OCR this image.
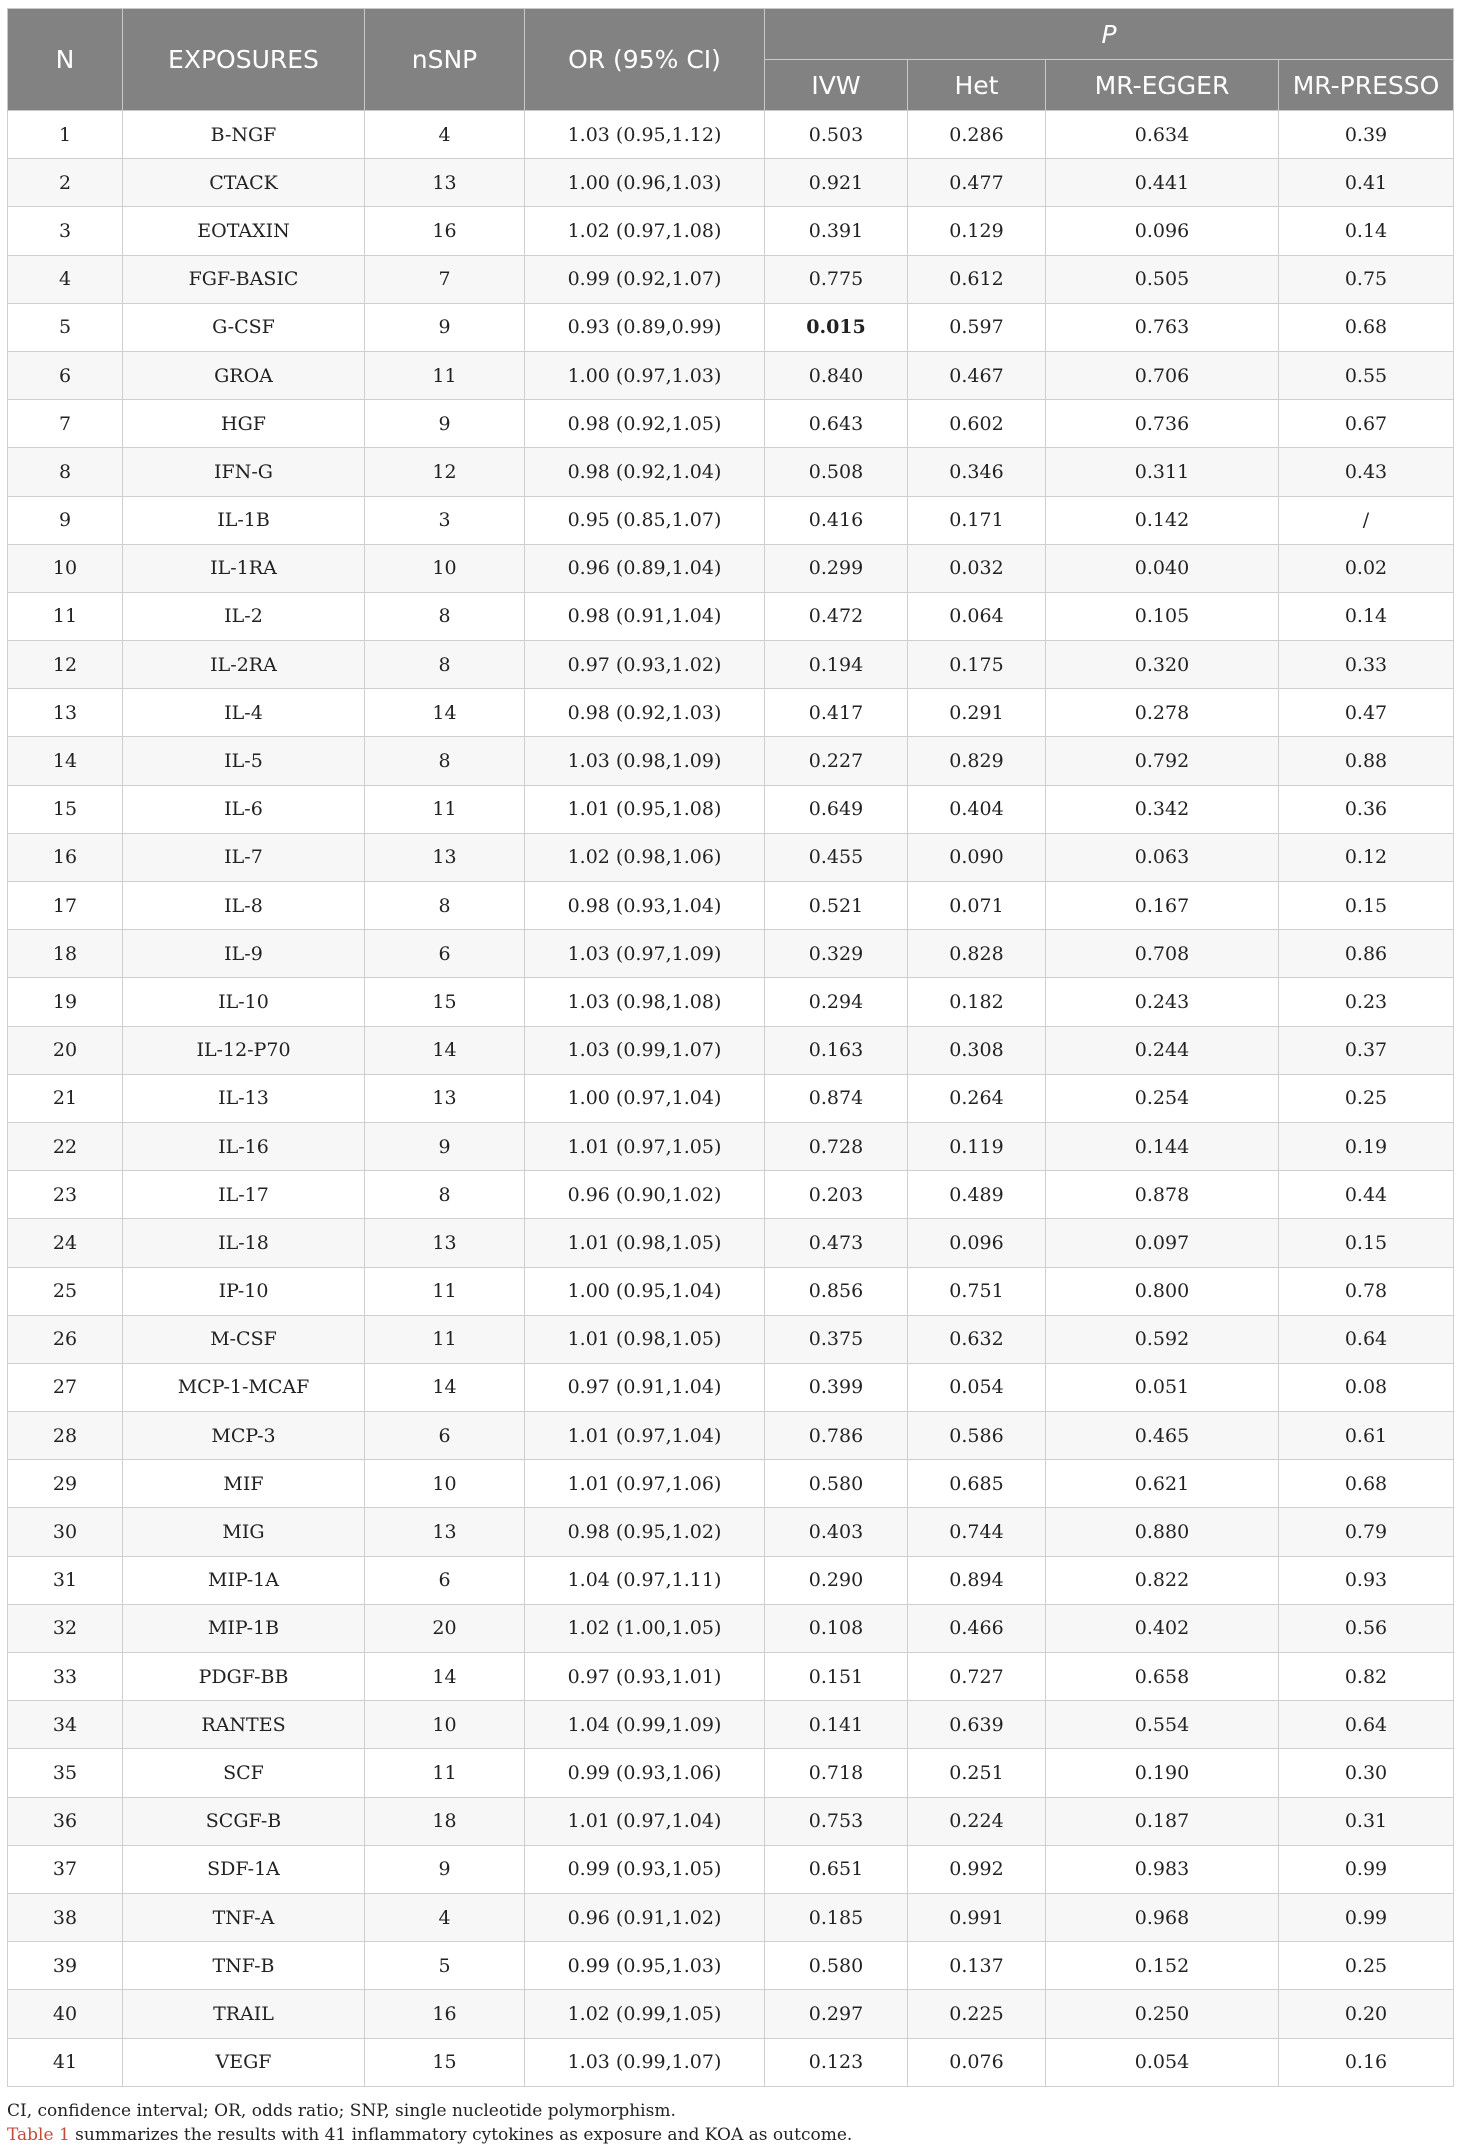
N	EXPOSURES	nSNP	OR (95% CI)	P			
				IVW	Het	MR-EGGER	MR-PRESSO
1	B-NGF	4	1.03 (0.95,1.12)	0.503	0.286	0.634	0.39
2	CTACK	13	1.00 (0.96,1.03)	0.921	0.477	0.441	0.41
3	EOTAXIN	16	1.02 (0.97,1.08)	0.391	0.129	0.096	0.14
4	FGF-BASIC	7	0.99 (0.92,1.07)	0.775	0.612	0.505	0.75
5	G-CSF	9	0.93 (0.89,0.99)	0.015	0.597	0.763	0.68
6	GROA	11	1.00 (0.97,1.03)	0.840	0.467	0.706	0.55
7	HGF	9	0.98 (0.92,1.05)	0.643	0.602	0.736	0.67
8	IFN-G	12	0.98 (0.92,1.04)	0.508	0.346	0.311	0.43
9	IL-1B	3	0.95 (0.85,1.07)	0.416	0.171	0.142	/
10	IL-1RA	10	0.96 (0.89,1.04)	0.299	0.032	0.040	0.02
11	IL-2	8	0.98 (0.91,1.04)	0.472	0.064	0.105	0.14
12	IL-2RA	8	0.97 (0.93,1.02)	0.194	0.175	0.320	0.33
13	IL-4	14	0.98 (0.92,1.03)	0.417	0.291	0.278	0.47
14	IL-5	8	1.03 (0.98,1.09)	0.227	0.829	0.792	0.88
15	IL-6	11	1.01 (0.95,1.08)	0.649	0.404	0.342	0.36
16	IL-7	13	1.02 (0.98,1.06)	0.455	0.090	0.063	0.12
17	IL-8	8	0.98 (0.93,1.04)	0.521	0.071	0.167	0.15
18	IL-9	6	1.03 (0.97,1.09)	0.329	0.828	0.708	0.86
19	IL-10	15	1.03 (0.98,1.08)	0.294	0.182	0.243	0.23
20	IL-12-P70	14	1.03 (0.99,1.07)	0.163	0.308	0.244	0.37
21	IL-13	13	1.00 (0.97,1.04)	0.874	0.264	0.254	0.25
22	IL-16	9	1.01 (0.97,1.05)	0.728	0.119	0.144	0.19
23	IL-17	8	0.96 (0.90,1.02)	0.203	0.489	0.878	0.44
24	IL-18	13	1.01 (0.98,1.05)	0.473	0.096	0.097	0.15
25	IP-10	11	1.00 (0.95,1.04)	0.856	0.751	0.800	0.78
26	M-CSF	11	1.01 (0.98,1.05)	0.375	0.632	0.592	0.64
27	MCP-1-MCAF	14	0.97 (0.91,1.04)	0.399	0.054	0.051	0.08
28	MCP-3	6	1.01 (0.97,1.04)	0.786	0.586	0.465	0.61
29	MIF	10	1.01 (0.97,1.06)	0.580	0.685	0.621	0.68
30	MIG	13	0.98 (0.95,1.02)	0.403	0.744	0.880	0.79
31	MIP-1A	6	1.04 (0.97,1.11)	0.290	0.894	0.822	0.93
32	MIP-1B	20	1.02 (1.00,1.05)	0.108	0.466	0.402	0.56
33	PDGF-BB	14	0.97 (0.93,1.01)	0.151	0.727	0.658	0.82
34	RANTES	10	1.04 (0.99,1.09)	0.141	0.639	0.554	0.64
35	SCF	11	0.99 (0.93,1.06)	0.718	0.251	0.190	0.30
36	SCGF-B	18	1.01 (0.97,1.04)	0.753	0.224	0.187	0.31
37	SDF-1A	9	0.99 (0.93,1.05)	0.651	0.992	0.983	0.99
38	TNF-A	4	0.96 (0.91,1.02)	0.185	0.991	0.968	0.99
39	TNF-B	5	0.99 (0.95,1.03)	0.580	0.137	0.152	0.25
40	TRAIL	16	1.02 (0.99,1.05)	0.297	0.225	0.250	0.20
41	VEGF	15	1.03 (0.99,1.07)	0.123	0.076	0.054	0.16
CI, confidence interval; OR, odds ratio; SNP, single nucleotide polymorphism.
Table 1 summarizes the results with 41 inflammatory cytokines as exposure and KOA as outcome.
